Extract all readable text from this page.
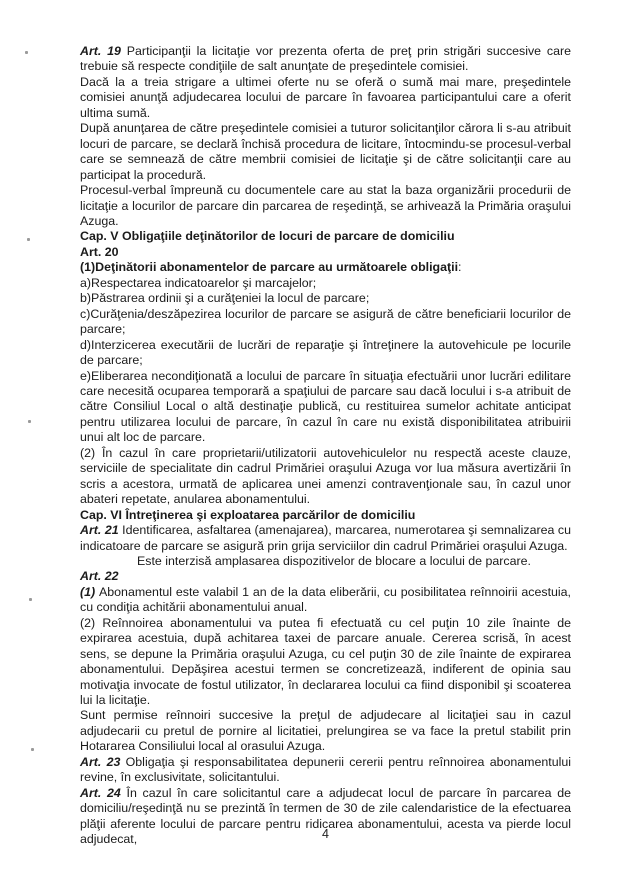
Art. 19 Participanţii la licitaţie vor prezenta oferta de preţ prin strigări succesive care trebuie să respecte condiţiile de salt anunţate de preşedintele comisiei.

Dacă la a treia strigare a ultimei oferte nu se oferă o sumă mai mare, preşedintele comisiei anunţă adjudecarea locului de parcare în favoarea participantului care a oferit ultima sumă.

După anunţarea de către preşedintele comisiei a tuturor solicitanţilor cărora li s-au atribuit locuri de parcare, se declară închisă procedura de licitare, întocmindu-se procesul-verbal care se semnează de către membrii comisiei de licitaţie şi de către solicitanţii care au participat la procedură.

Procesul-verbal împreună cu documentele care au stat la baza organizării procedurii de licitaţie a locurilor de parcare din parcarea de reşedinţă, se arhivează la Primăria oraşului Azuga.

Cap. V Obligaţiile deţinătorilor de locuri de parcare de domiciliu

Art. 20

(1)Deţinătorii abonamentelor de parcare au următoarele obligaţii:

a)Respectarea indicatoarelor şi marcajelor;

b)Păstrarea ordinii şi a curăţeniei la locul de parcare;

c)Curăţenia/deszăpezirea locurilor de parcare se asigură de către beneficiarii locurilor de parcare;

d)Interzicerea executării de lucrări de reparaţie şi întreţinere la autovehicule pe locurile de parcare;

e)Eliberarea necondiţionată a locului de parcare în situaţia efectuării unor lucrări edilitare care necesită ocuparea temporară a spaţiului de parcare sau dacă locului i s-a atribuit de către Consiliul Local o altă destinaţie publică, cu restituirea sumelor achitate anticipat pentru utilizarea locului de parcare, în cazul în care nu există disponibilitatea atribuirii unui alt loc de parcare.

(2) În cazul în care proprietarii/utilizatorii autovehiculelor nu respectă aceste clauze, serviciile de specialitate din cadrul Primăriei oraşului Azuga vor lua măsura avertizării în scris a acestora, urmată de aplicarea unei amenzi contravenţionale sau, în cazul unor abateri repetate, anularea abonamentului.

Cap. VI Întreţinerea şi exploatarea parcărilor de domiciliu

Art. 21 Identificarea, asfaltarea (amenajarea), marcarea, numerotarea şi semnalizarea cu indicatoare de parcare se asigură prin grija serviciilor din cadrul Primăriei oraşului Azuga.

Este interzisă amplasarea dispozitivelor de blocare a locului de parcare.

Art. 22

(1) Abonamentul este valabil 1 an de la data eliberării, cu posibilitatea reînnoirii acestuia, cu condiţia achitării abonamentului anual.

(2) Reînnoirea abonamentului va putea fi efectuată cu cel puţin 10 zile înainte de expirarea acestuia, după achitarea taxei de parcare anuale. Cererea scrisă, în acest sens, se depune la Primăria oraşului Azuga, cu cel puţin 30 de zile înainte de expirarea abonamentului. Depăşirea acestui termen se concretizează, indiferent de opinia sau motivaţia invocate de fostul utilizator, în declararea locului ca fiind disponibil şi scoaterea lui la licitaţie.

Sunt permise reînnoiri succesive la preţul de adjudecare al licitaţiei sau in cazul adjudecarii cu pretul de pornire al licitatiei, prelungirea se va face la pretul stabilit prin Hotararea Consiliului local al orasului Azuga.

Art. 23 Obligaţia şi responsabilitatea depunerii cererii pentru reînnoirea abonamentului revine, în exclusivitate, solicitantului.

Art. 24 În cazul în care solicitantul care a adjudecat locul de parcare în parcarea de domiciliu/reşedinţă nu se prezintă în termen de 30 de zile calendaristice de la efectuarea plăţii aferente locului de parcare pentru ridicarea abonamentului, acesta va pierde locul adjudecat,	4
